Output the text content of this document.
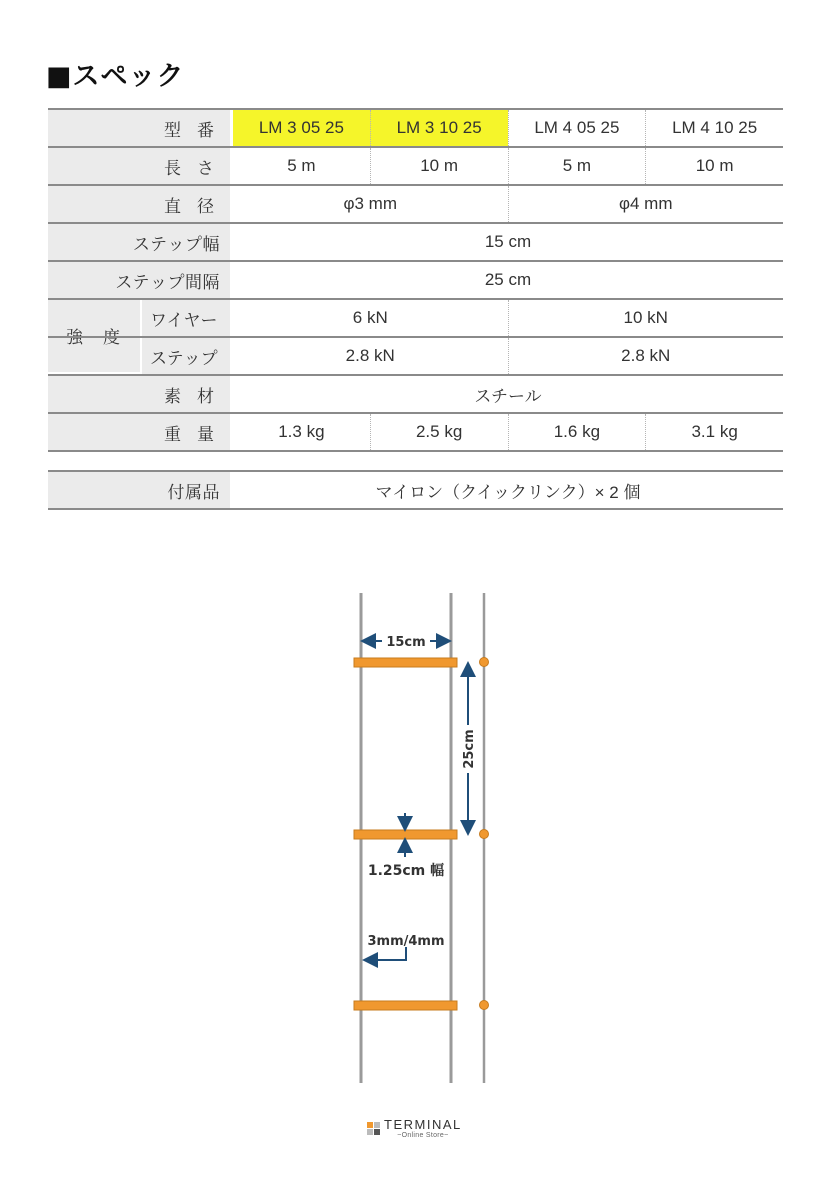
■スペック
型番	LM 3 05 25	LM 3 10 25	LM 4 05 25	LM 4 10 25
長さ	5 m	10 m	5 m	10 m
直径	φ3 mm	φ4 mm
ステップ幅	15 cm
ステップ間隔	25 cm
強度
ワイヤー	6 kN	10 kN
ステップ	2.8 kN	2.8 kN
素材	スチール
重量	1.3 kg	2.5 kg	1.6 kg	3.1 kg
付属品	マイロン（クイックリンク）× 2 個
15cm
25cm
1.25cm 幅
3mm/4mm
TERMINAL
~Online Store~
